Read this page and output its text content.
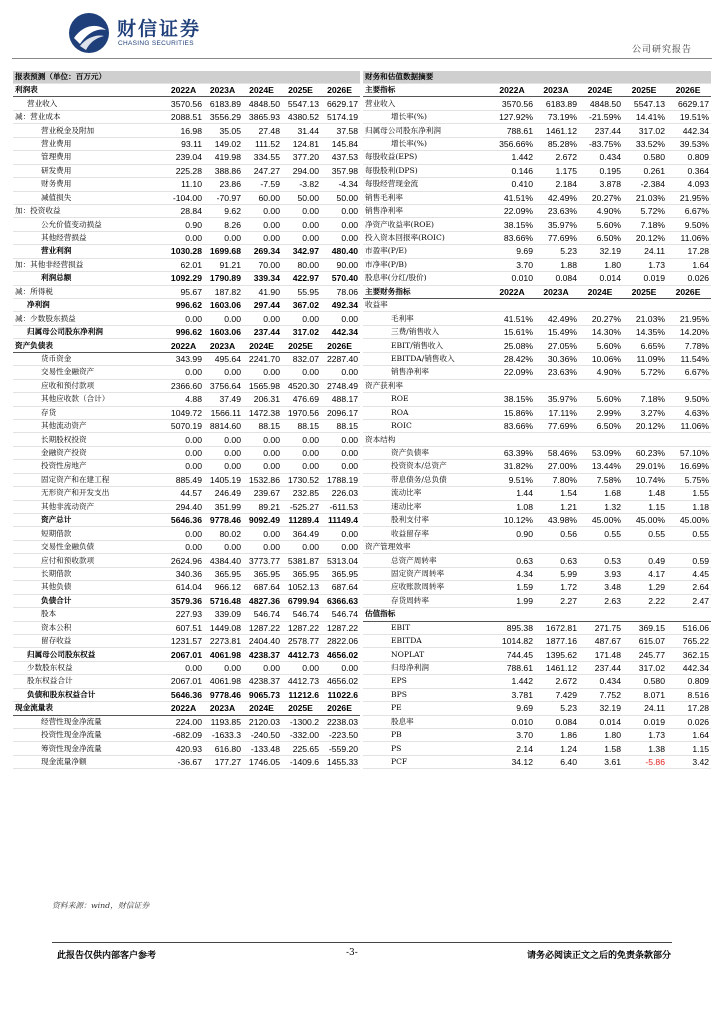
财信证券
CHASING SECURITIES
公司研究报告
报表预测（单位：百万元）					
利润表	2022A	2023A	2024E	2025E	2026E
营业收入	3570.56	6183.89	4848.50	5547.13	6629.17
减：营业成本	2088.51	3556.29	3865.93	4380.52	5174.19
营业税金及附加	16.98	35.05	27.48	31.44	37.58
营业费用	93.11	149.02	111.52	124.81	145.84
管理费用	239.04	419.98	334.55	377.20	437.53
研发费用	225.28	388.86	247.27	294.00	357.98
财务费用	11.10	23.86	-7.59	-3.82	-4.34
减值损失	-104.00	-70.97	60.00	50.00	50.00
加：投资收益	28.84	9.62	0.00	0.00	0.00
公允价值变动损益	0.90	8.26	0.00	0.00	0.00
其他经营损益	0.00	0.00	0.00	0.00	0.00
营业利润	1030.28	1699.68	269.34	342.97	480.40
加：其他非经营损益	62.01	91.21	70.00	80.00	90.00
利润总额	1092.29	1790.89	339.34	422.97	570.40
减：所得税	95.67	187.82	41.90	55.95	78.06
净利润	996.62	1603.06	297.44	367.02	492.34
减：少数股东损益	0.00	0.00	0.00	0.00	0.00
归属母公司股东净利润	996.62	1603.06	237.44	317.02	442.34
资产负债表	2022A	2023A	2024E	2025E	2026E
货币资金	343.99	495.64	2241.70	832.07	2287.40
交易性金融资产	0.00	0.00	0.00	0.00	0.00
应收和预付款项	2366.60	3756.64	1565.98	4520.30	2748.49
其他应收款（合计）	4.88	37.49	206.31	476.69	488.17
存货	1049.72	1566.11	1472.38	1970.56	2096.17
其他流动资产	5070.19	8814.60	88.15	88.15	88.15
长期股权投资	0.00	0.00	0.00	0.00	0.00
金融资产投资	0.00	0.00	0.00	0.00	0.00
投资性房地产	0.00	0.00	0.00	0.00	0.00
固定资产和在建工程	885.49	1405.19	1532.86	1730.52	1788.19
无形资产和开发支出	44.57	246.49	239.67	232.85	226.03
其他非流动资产	294.40	351.99	89.21	-525.27	-611.53
资产总计	5646.36	9778.46	9092.49	11289.4	11149.4
短期借款	0.00	80.02	0.00	364.49	0.00
交易性金融负债	0.00	0.00	0.00	0.00	0.00
应付和预收款项	2624.96	4384.40	3773.77	5381.87	5313.04
长期借款	340.36	365.95	365.95	365.95	365.95
其他负债	614.04	966.12	687.64	1052.13	687.64
负债合计	3579.36	5716.48	4827.36	6799.94	6366.63
股本	227.93	339.09	546.74	546.74	546.74
资本公积	607.51	1449.08	1287.22	1287.22	1287.22
留存收益	1231.57	2273.81	2404.40	2578.77	2822.06
归属母公司股东权益	2067.01	4061.98	4238.37	4412.73	4656.02
少数股东权益	0.00	0.00	0.00	0.00	0.00
股东权益合计	2067.01	4061.98	4238.37	4412.73	4656.02
负债和股东权益合计	5646.36	9778.46	9065.73	11212.6	11022.6
现金流量表	2022A	2023A	2024E	2025E	2026E
经营性现金净流量	224.00	1193.85	2120.03	-1300.2	2238.03
投资性现金净流量	-682.09	-1633.3	-240.50	-332.00	-223.50
筹资性现金净流量	420.93	616.80	-133.48	225.65	-559.20
现金流量净额	-36.67	177.27	1746.05	-1409.6	1455.33
财务和估值数据摘要					
主要指标	2022A	2023A	2024E	2025E	2026E
营业收入	3570.56	6183.89	4848.50	5547.13	6629.17
增长率(%)	127.92%	73.19%	-21.59%	14.41%	19.51%
归属母公司股东净利润	788.61	1461.12	237.44	317.02	442.34
增长率(%)	356.66%	85.28%	-83.75%	33.52%	39.53%
每股收益(EPS)	1.442	2.672	0.434	0.580	0.809
每股股利(DPS)	0.146	1.175	0.195	0.261	0.364
每股经营现金流	0.410	2.184	3.878	-2.384	4.093
销售毛利率	41.51%	42.49%	20.27%	21.03%	21.95%
销售净利率	22.09%	23.63%	4.90%	5.72%	6.67%
净资产收益率(ROE)	38.15%	35.97%	5.60%	7.18%	9.50%
投入资本回报率(ROIC)	83.66%	77.69%	6.50%	20.12%	11.06%
市盈率(P/E)	9.69	5.23	32.19	24.11	17.28
市净率(P/B)	3.70	1.88	1.80	1.73	1.64
股息率(分红/股价)	0.010	0.084	0.014	0.019	0.026
主要财务指标	2022A	2023A	2024E	2025E	2026E
收益率					
毛利率	41.51%	42.49%	20.27%	21.03%	21.95%
三费/销售收入	15.61%	15.49%	14.30%	14.35%	14.20%
EBIT/销售收入	25.08%	27.05%	5.60%	6.65%	7.78%
EBITDA/销售收入	28.42%	30.36%	10.06%	11.09%	11.54%
销售净利率	22.09%	23.63%	4.90%	5.72%	6.67%
资产获利率					
ROE	38.15%	35.97%	5.60%	7.18%	9.50%
ROA	15.86%	17.11%	2.99%	3.27%	4.63%
ROIC	83.66%	77.69%	6.50%	20.12%	11.06%
资本结构					
资产负债率	63.39%	58.46%	53.09%	60.23%	57.10%
投资资本/总资产	31.82%	27.00%	13.44%	29.01%	16.69%
带息债务/总负债	9.51%	7.80%	7.58%	10.74%	5.75%
流动比率	1.44	1.54	1.68	1.48	1.55
速动比率	1.08	1.21	1.32	1.15	1.18
股利支付率	10.12%	43.98%	45.00%	45.00%	45.00%
收益留存率	0.90	0.56	0.55	0.55	0.55
资产管理效率					
总资产周转率	0.63	0.63	0.53	0.49	0.59
固定资产周转率	4.34	5.99	3.93	4.17	4.45
应收账款周转率	1.59	1.72	3.48	1.29	2.64
存货周转率	1.99	2.27	2.63	2.22	2.47
估值指标					
EBIT	895.38	1672.81	271.75	369.15	516.06
EBITDA	1014.82	1877.16	487.67	615.07	765.22
NOPLAT	744.45	1395.62	171.48	245.77	362.15
归母净利润	788.61	1461.12	237.44	317.02	442.34
EPS	1.442	2.672	0.434	0.580	0.809
BPS	3.781	7.429	7.752	8.071	8.516
PE	9.69	5.23	32.19	24.11	17.28
股息率	0.010	0.084	0.014	0.019	0.026
PB	3.70	1.86	1.80	1.73	1.64
PS	2.14	1.24	1.58	1.38	1.15
PCF	34.12	6.40	3.61	-5.86	3.42
资料来源：wind，财信证券
此报告仅供内部客户参考	-3-	请务必阅读正文之后的免责条款部分
